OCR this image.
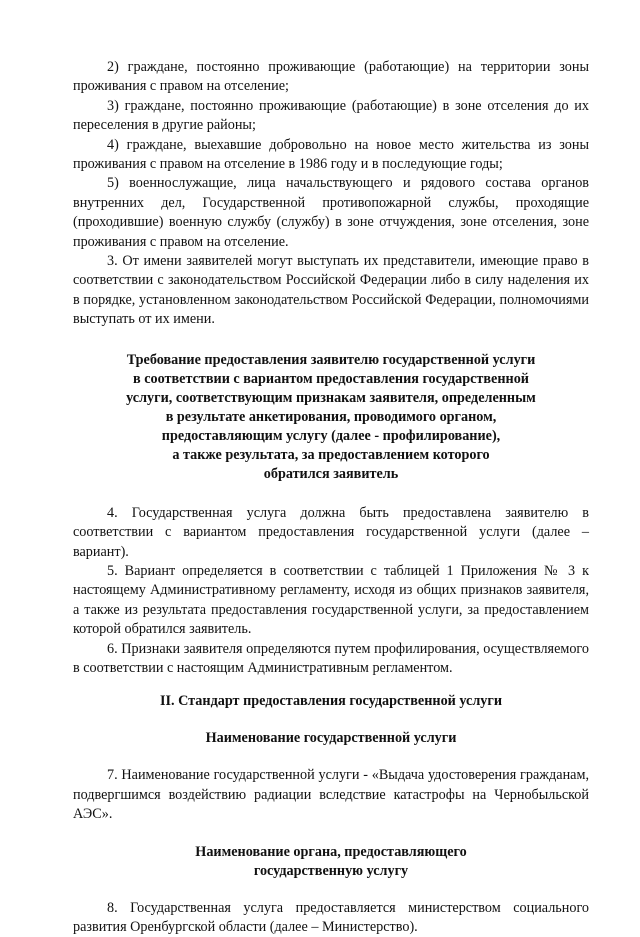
2) граждане, постоянно проживающие (работающие) на территории зоны проживания с правом на отселение;

3) граждане, постоянно проживающие (работающие) в зоне отселения до их переселения в другие районы;

4) граждане, выехавшие добровольно на новое место жительства из зоны проживания с правом на отселение в 1986 году и в последующие годы;

5) военнослужащие, лица начальствующего и рядового состава органов внутренних дел, Государственной противопожарной службы, проходящие (проходившие) военную службу (службу) в зоне отчуждения, зоне отселения, зоне проживания с правом на отселение.

3. От имени заявителей могут выступать их представители, имеющие право в соответствии с законодательством Российской Федерации либо в силу наделения их в порядке, установленном законодательством Российской Федерации, полномочиями выступать от их имени.

Требование предоставления заявителю государственной услуги

в соответствии с вариантом предоставления государственной

услуги, соответствующим признакам заявителя, определенным

в результате анкетирования, проводимого органом,

предоставляющим услугу (далее - профилирование),

а также результата, за предоставлением которого

обратился заявитель

4. Государственная услуга должна быть предоставлена заявителю в соответствии с вариантом предоставления государственной услуги (далее – вариант).

5. Вариант определяется в соответствии с таблицей 1 Приложения № 3 к настоящему Административному регламенту, исходя из общих признаков заявителя, а также из результата предоставления государственной услуги, за предоставлением которой обратился заявитель.

6. Признаки заявителя определяются путем профилирования, осуществляемого в соответствии с настоящим Административным регламентом.

II. Стандарт предоставления государственной услуги

Наименование государственной услуги

7. Наименование государственной услуги - «Выдача удостоверения гражданам, подвергшимся воздействию радиации вследствие катастрофы на Чернобыльской АЭС».

Наименование органа, предоставляющего

государственную услугу

8. Государственная услуга предоставляется министерством социального развития Оренбургской области (далее – Министерство).
